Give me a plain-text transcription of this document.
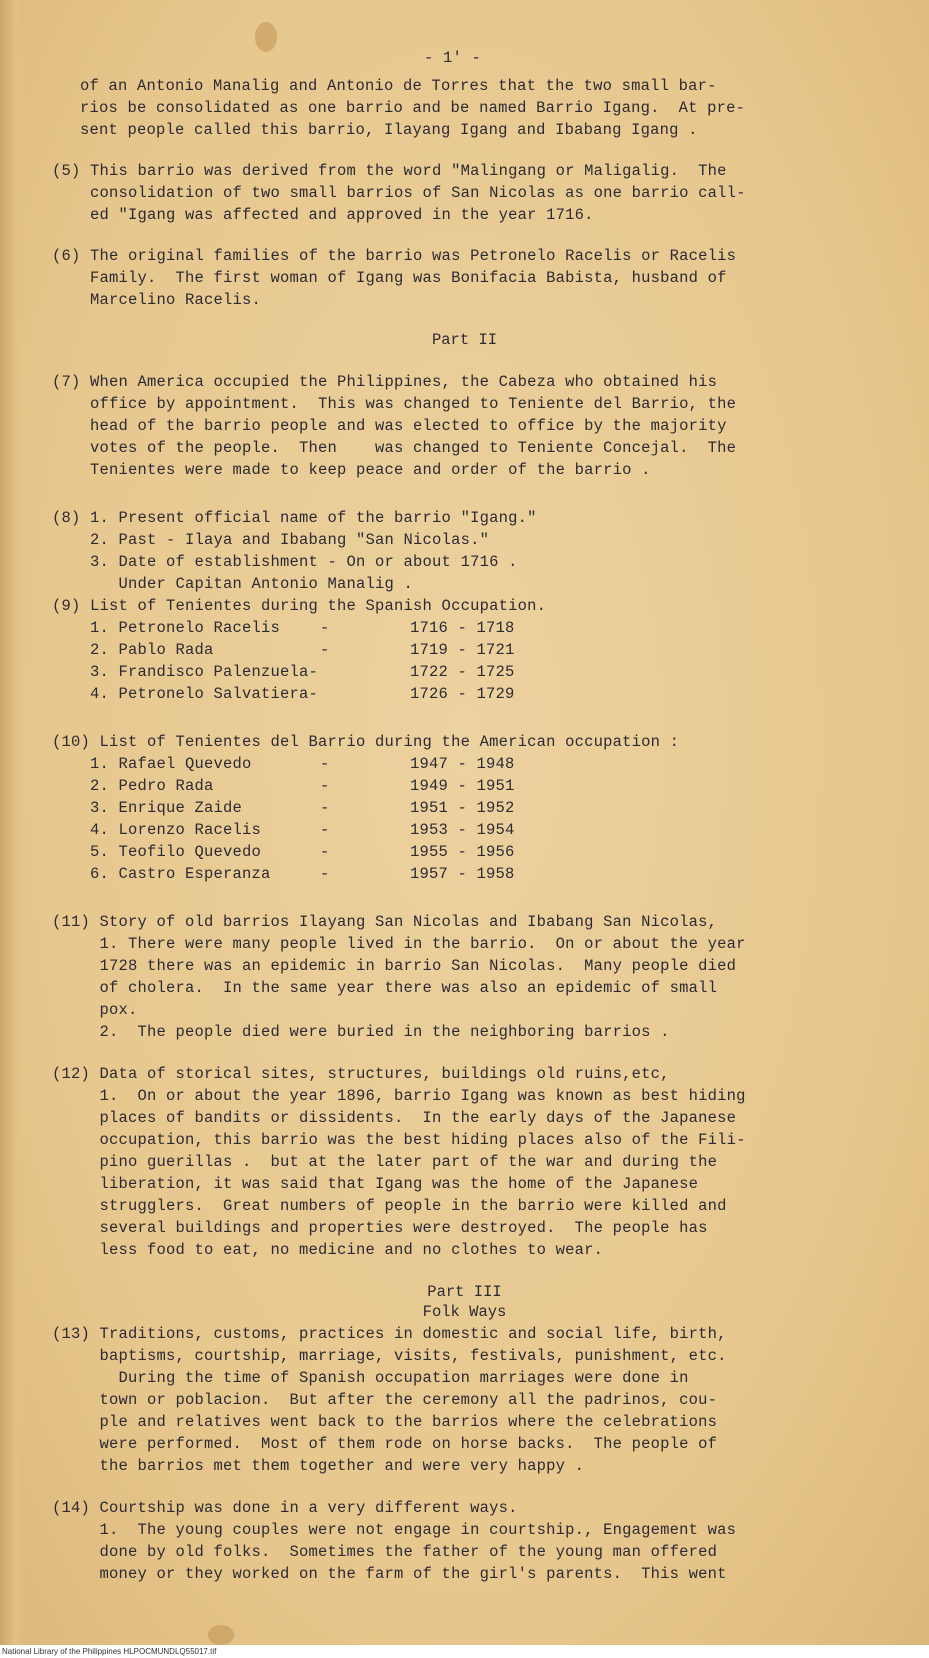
- 1' -
of an Antonio Manalig and Antonio de Torres that the two small bar-
rios be consolidated as one barrio and be named Barrio Igang.  At pre-
sent people called this barrio, Ilayang Igang and Ibabang Igang .
(5) This barrio was derived from the word "Malingang or Maligalig.  The
consolidation of two small barrios of San Nicolas as one barrio call-
ed "Igang was affected and approved in the year 1716.
(6) The original families of the barrio was Petronelo Racelis or Racelis
Family.  The first woman of Igang was Bonifacia Babista, husband of
Marcelino Racelis.
Part II
(7) When America occupied the Philippines, the Cabeza who obtained his
office by appointment.  This was changed to Teniente del Barrio, the
head of the barrio people and was elected to office by the majority
votes of the people.  Then    was changed to Teniente Concejal.  The
Tenientes were made to keep peace and order of the barrio .
(8) 1. Present official name of the barrio "Igang."
2. Past - Ilaya and Ibabang "San Nicolas."
3. Date of establishment - On or about 1716 .
Under Capitan Antonio Manalig .
(9) List of Tenientes during the Spanish Occupation.
1. Petronelo Racelis	-	1716 - 1718
2. Pablo Rada	-	1719 - 1721
3. Frandisco Palenzuela-	1722 - 1725
4. Petronelo Salvatiera-	1726 - 1729
(10) List of Tenientes del Barrio during the American occupation :
1. Rafael Quevedo	-	1947 - 1948
2. Pedro Rada	-	1949 - 1951
3. Enrique Zaide	-	1951 - 1952
4. Lorenzo Racelis	-	1953 - 1954
5. Teofilo Quevedo	-	1955 - 1956
6. Castro Esperanza	-	1957 - 1958
(11) Story of old barrios Ilayang San Nicolas and Ibabang San Nicolas,
1. There were many people lived in the barrio.  On or about the year
1728 there was an epidemic in barrio San Nicolas.  Many people died
of cholera.  In the same year there was also an epidemic of small
pox.
2.  The people died were buried in the neighboring barrios .
(12) Data of storical sites, structures, buildings old ruins,etc,
1.  On or about the year 1896, barrio Igang was known as best hiding
places of bandits or dissidents.  In the early days of the Japanese
occupation, this barrio was the best hiding places also of the Fili-
pino guerillas .  but at the later part of the war and during the
liberation, it was said that Igang was the home of the Japanese
strugglers.  Great numbers of people in the barrio were killed and
several buildings and properties were destroyed.  The people has
less food to eat, no medicine and no clothes to wear.
Part III
Folk Ways
(13) Traditions, customs, practices in domestic and social life, birth,
baptisms, courtship, marriage, visits, festivals, punishment, etc.
During the time of Spanish occupation marriages were done in
town or poblacion.  But after the ceremony all the padrinos, cou-
ple and relatives went back to the barrios where the celebrations
were performed.  Most of them rode on horse backs.  The people of
the barrios met them together and were very happy .
(14) Courtship was done in a very different ways.
1.  The young couples were not engage in courtship., Engagement was
done by old folks.  Sometimes the father of the young man offered
money or they worked on the farm of the girl's parents.  This went
National Library of the Philippines HLPOCMUNDLQ55017.tif
